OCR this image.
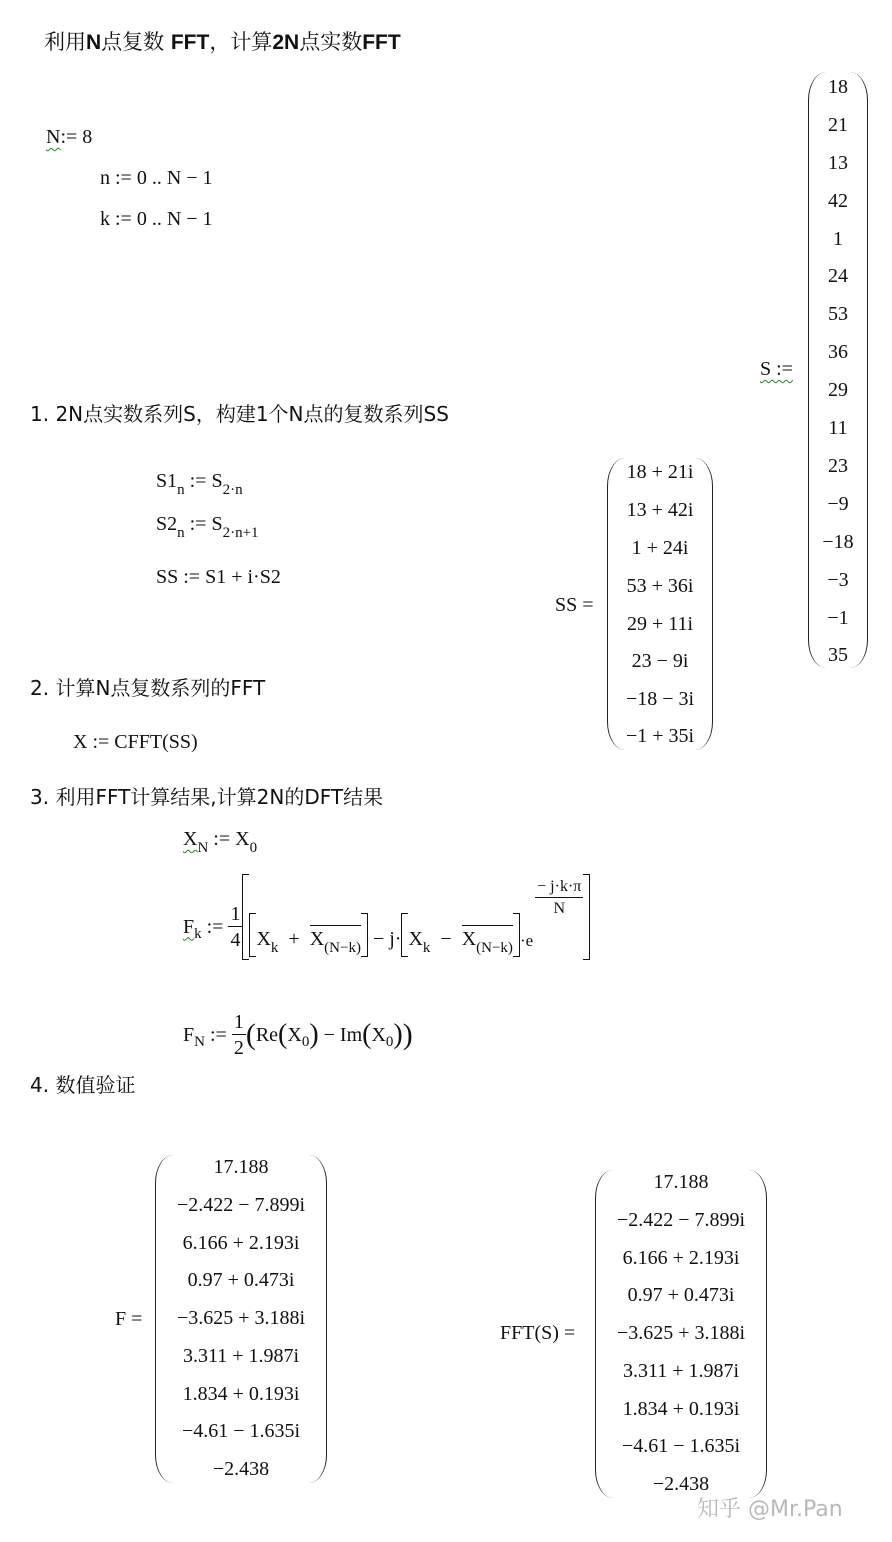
利用N点复数 FFT，计算2N点实数FFT
N:= 8
n := 0 .. N − 1
k := 0 .. N − 1
S :=
18
21
13
42
1
24
53
36
29
11
23
−9
−18
−3
−1
35
1. 2N点实数系列S，构建1个N点的复数系列SS
$S1_n$ := $S_{2\cdot n}$
$S2_n$ := $S_{2\cdot n+1}$
SS := S1 + i·S2
SS =
18 + 21i
13 + 42i
1 + 24i
53 + 36i
29 + 11i
23 − 9i
−18 − 3i
−1 + 35i
2. 计算N点复数系列的FFT
X := CFFT(SS)
3. 利用FFT计算结果,计算2N的DFT结果
$X_N$ := $X_0$
F k
:=
$\frac{1}{4} X_k + X_{(N-k)} - j\cdot X_k - X_{(N-k)} \cdot e$
$\frac{- j\cdot k\cdot\pi}{N}$
F N
:=
$\frac{1}{2}$ ( Re ( X 0 )
−
Im ( X 0 ) )
4. 数值验证
F =
17.188
−2.422 − 7.899i
6.166 + 2.193i
0.97 + 0.473i
−3.625 + 3.188i
3.311 + 1.987i
1.834 + 0.193i
−4.61 − 1.635i
−2.438
FFT(S) =
17.188
−2.422 − 7.899i
6.166 + 2.193i
0.97 + 0.473i
−3.625 + 3.188i
3.311 + 1.987i
1.834 + 0.193i
−4.61 − 1.635i
−2.438
知乎 @Mr.Pan
